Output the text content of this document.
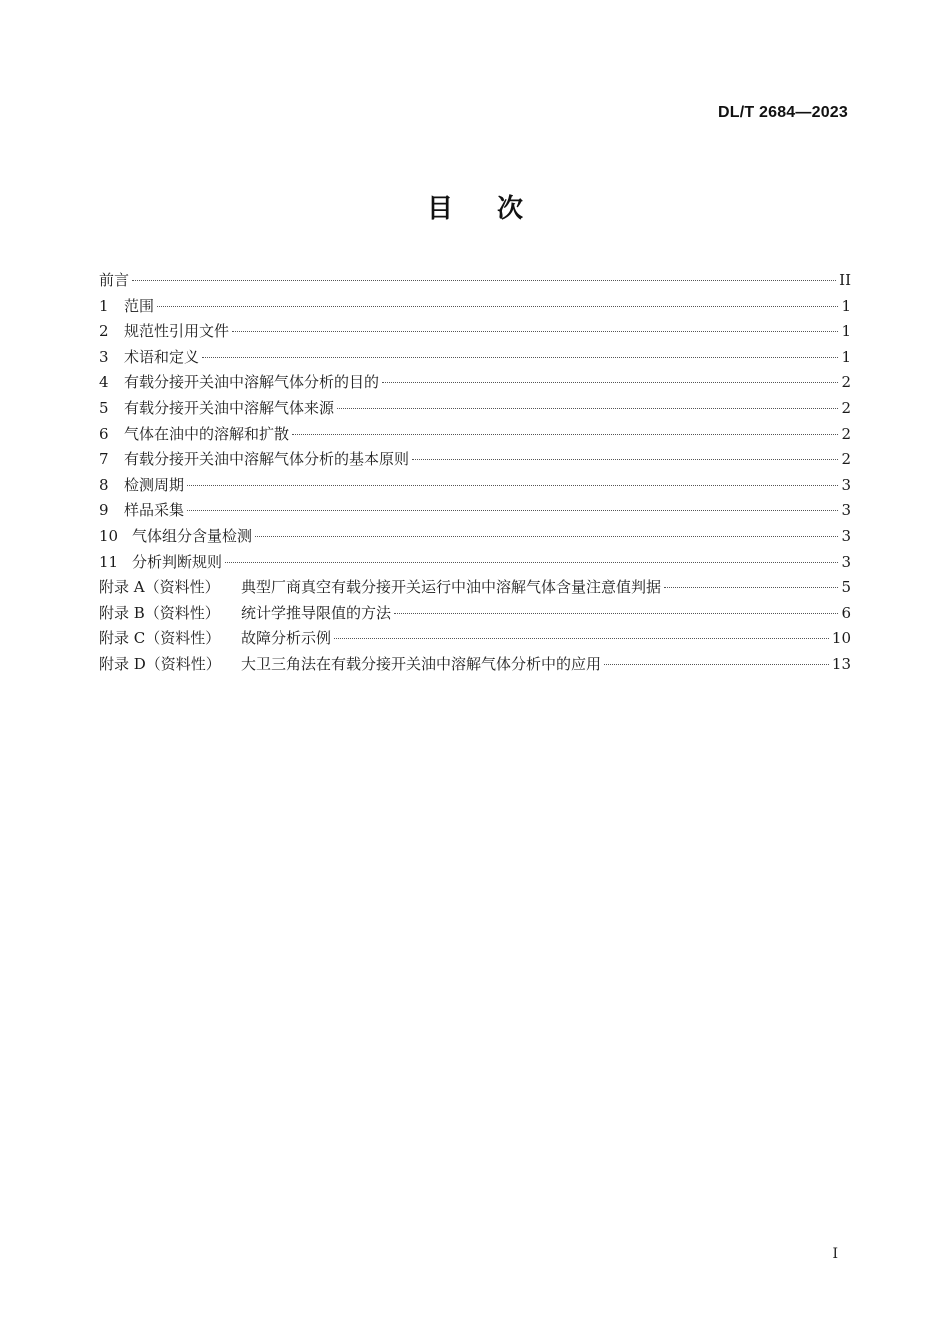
DL/T 2684—2023
目次
前言	II
1	范围	1
2	规范性引用文件	1
3	术语和定义	1
4	有载分接开关油中溶解气体分析的目的	2
5	有载分接开关油中溶解气体来源	2
6	气体在油中的溶解和扩散	2
7	有载分接开关油中溶解气体分析的基本原则	2
8	检测周期	3
9	样品采集	3
10 气体组分含量检测	3
11 分析判断规则	3
附录 A（资料性）	典型厂商真空有载分接开关运行中油中溶解气体含量注意值判据	5
附录 B（资料性）	统计学推导限值的方法	6
附录 C（资料性）	故障分析示例	10
附录 D（资料性）	大卫三角法在有载分接开关油中溶解气体分析中的应用	13
I
